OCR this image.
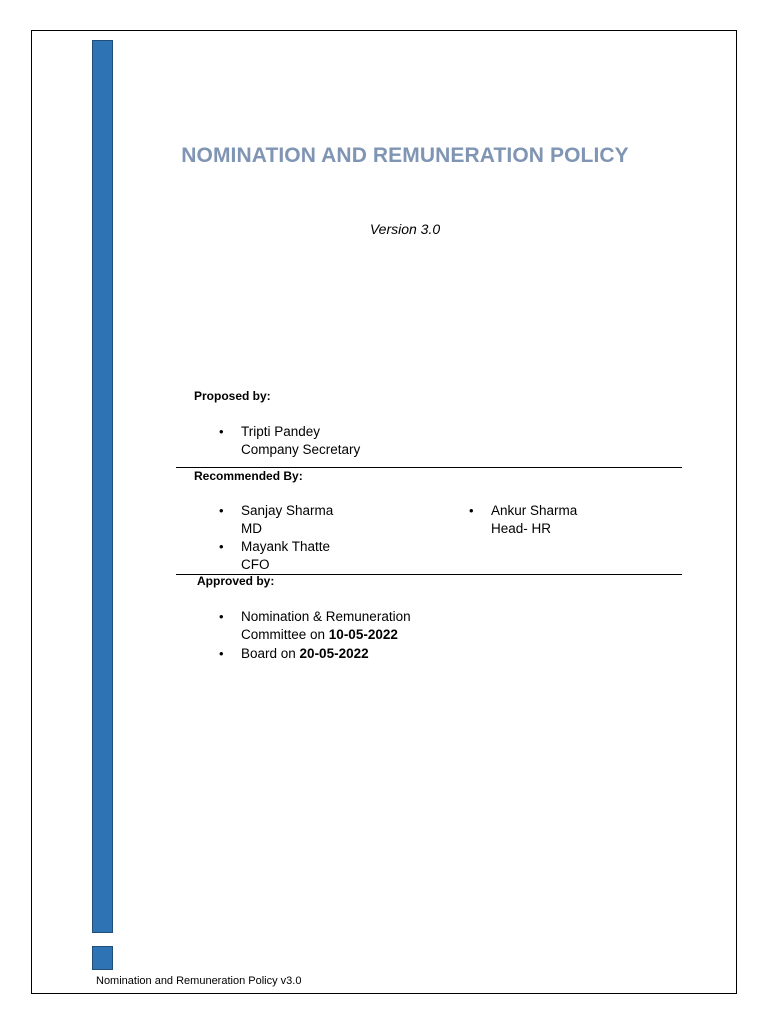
NOMINATION AND REMUNERATION POLICY
Version 3.0
Proposed by:
• Tripti Pandey
Company Secretary
Recommended By:
• Sanjay Sharma
MD
• Mayank Thatte
CFO
• Ankur Sharma
Head- HR
Approved by:
• Nomination & Remuneration
Committee on 10-05-2022
• Board on 20-05-2022
Nomination and Remuneration Policy v3.0
